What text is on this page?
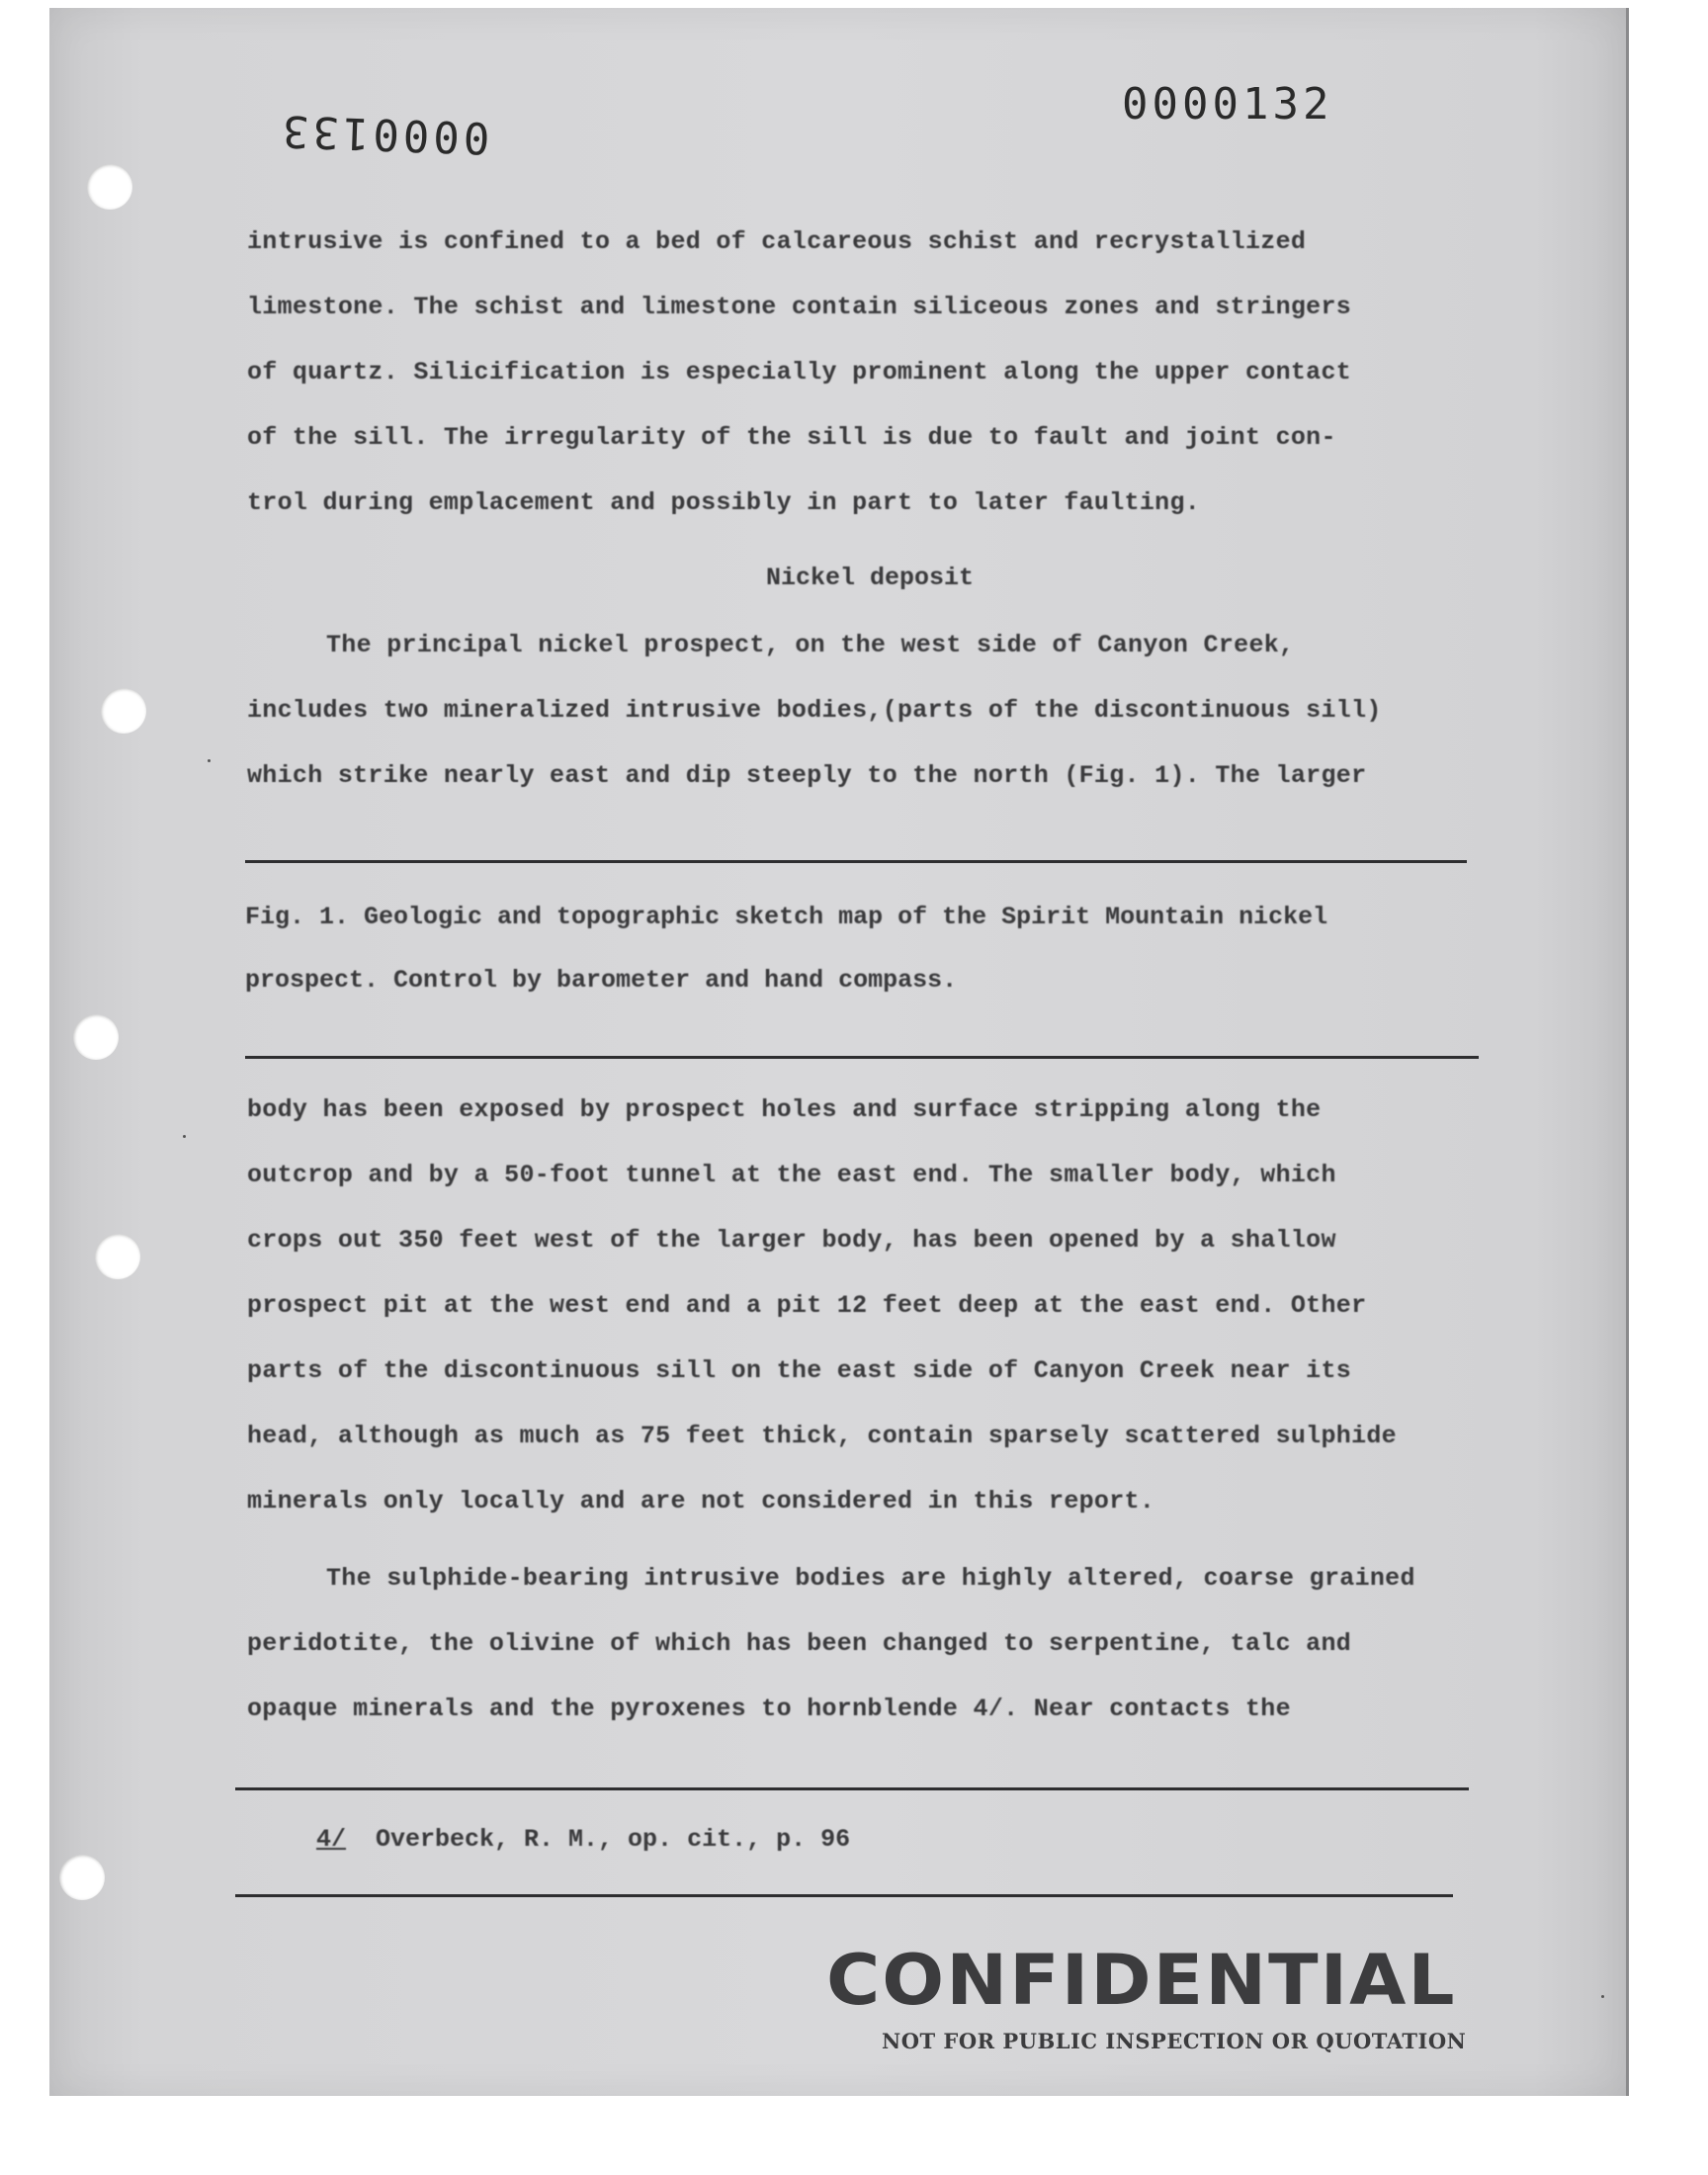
0000132
0000133
intrusive is confined to a bed of calcareous schist and recrystallized
limestone. The schist and limestone contain siliceous zones and stringers
of quartz. Silicification is especially prominent along the upper contact
of the sill. The irregularity of the sill is due to fault and joint con-
trol during emplacement and possibly in part to later faulting.
Nickel deposit
The principal nickel prospect, on the west side of Canyon Creek,
includes two mineralized intrusive bodies,(parts of the discontinuous sill)
which strike nearly east and dip steeply to the north (Fig. 1). The larger
Fig. 1. Geologic and topographic sketch map of the Spirit Mountain nickel
prospect. Control by barometer and hand compass.
body has been exposed by prospect holes and surface stripping along the
outcrop and by a 50-foot tunnel at the east end. The smaller body, which
crops out 350 feet west of the larger body, has been opened by a shallow
prospect pit at the west end and a pit 12 feet deep at the east end. Other
parts of the discontinuous sill on the east side of Canyon Creek near its
head, although as much as 75 feet thick, contain sparsely scattered sulphide
minerals only locally and are not considered in this report.
The sulphide-bearing intrusive bodies are highly altered, coarse grained
peridotite, the olivine of which has been changed to serpentine, talc and
opaque minerals and the pyroxenes to hornblende 4/. Near contacts the
4/ Overbeck, R. M., op. cit., p. 96
CONFIDENTIAL
NOT FOR PUBLIC INSPECTION OR QUOTATION
